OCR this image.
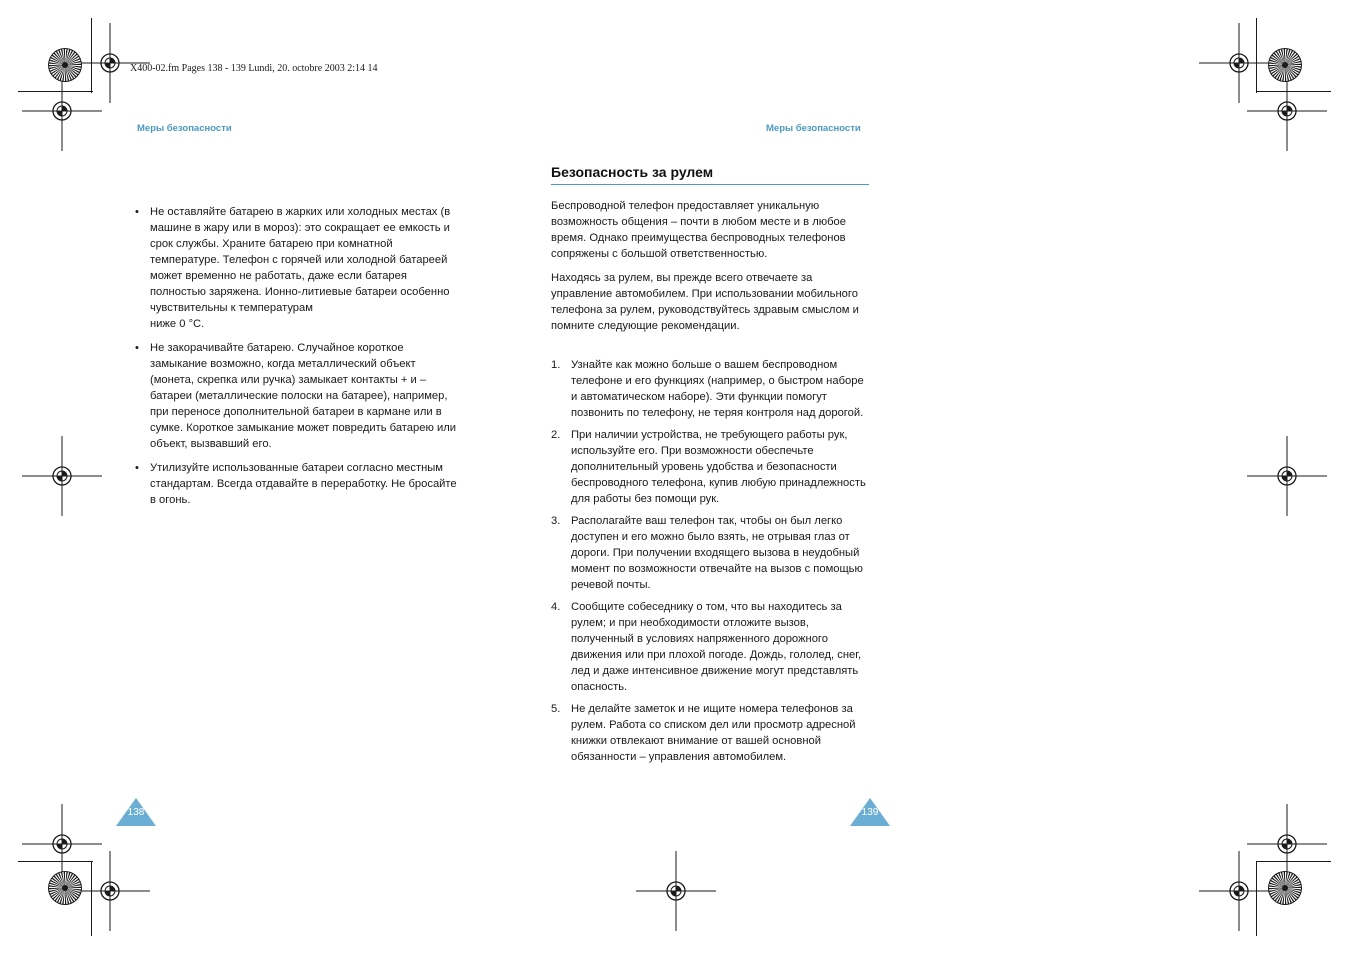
X400-02.fm Pages 138 - 139 Lundi, 20. octobre 2003 2:14 14
Меры безопасности
• Не оставляйте батарею в жарких или холодных местах (в машине в жару или в мороз): это сокращает ее емкость и срок службы. Храните батарею при комнатной температуре. Телефон с горячей или холодной батареей может временно не работать, даже если батарея полностью заряжена. Ионно-литиевые батареи особенно чувствительны к температурам
ниже 0 °C.
• Не закорачивайте батарею. Случайное короткое замыкание возможно, когда металлический объект (монета, скрепка или ручка) замыкает контакты + и – батареи (металлические полоски на батарее), например, при переносе дополнительной батареи в кармане или в сумке. Короткое замыкание может повредить батарею или объект, вызвавший его.
• Утилизуйте использованные батареи согласно местным стандартам. Всегда отдавайте в переработку. Не бросайте в огонь.
138
Меры безопасности
Безопасность за рулем
Беспроводной телефон предоставляет уникальную возможность общения – почти в любом месте и в любое время. Однако преимущества беспроводных телефонов сопряжены с большой ответственностью.
Находясь за рулем, вы прежде всего отвечаете за управление автомобилем. При использовании мобильного телефона за рулем, руководствуйтесь здравым смыслом и помните следующие рекомендации.
1. Узнайте как можно больше о вашем беспроводном телефоне и его функциях (например, о быстром наборе и автоматическом наборе). Эти функции помогут позвонить по телефону, не теряя контроля над дорогой.
2. При наличии устройства, не требующего работы рук, используйте его. При возможности обеспечьте дополнительный уровень удобства и безопасности беспроводного телефона, купив любую принадлежность для работы без помощи рук.
3. Располагайте ваш телефон так, чтобы он был легко доступен и его можно было взять, не отрывая глаз от дороги. При получении входящего вызова в неудобный момент по возможности отвечайте на вызов с помощью речевой почты.
4. Сообщите собеседнику о том, что вы находитесь за рулем; и при необходимости отложите вызов, полученный в условиях напряженного дорожного движения или при плохой погоде. Дождь, гололед, снег, лед и даже интенсивное движение могут представлять опасность.
5. Не делайте заметок и не ищите номера телефонов за рулем. Работа со списком дел или просмотр адресной книжки отвлекают внимание от вашей основной обязанности – управления автомобилем.
139
